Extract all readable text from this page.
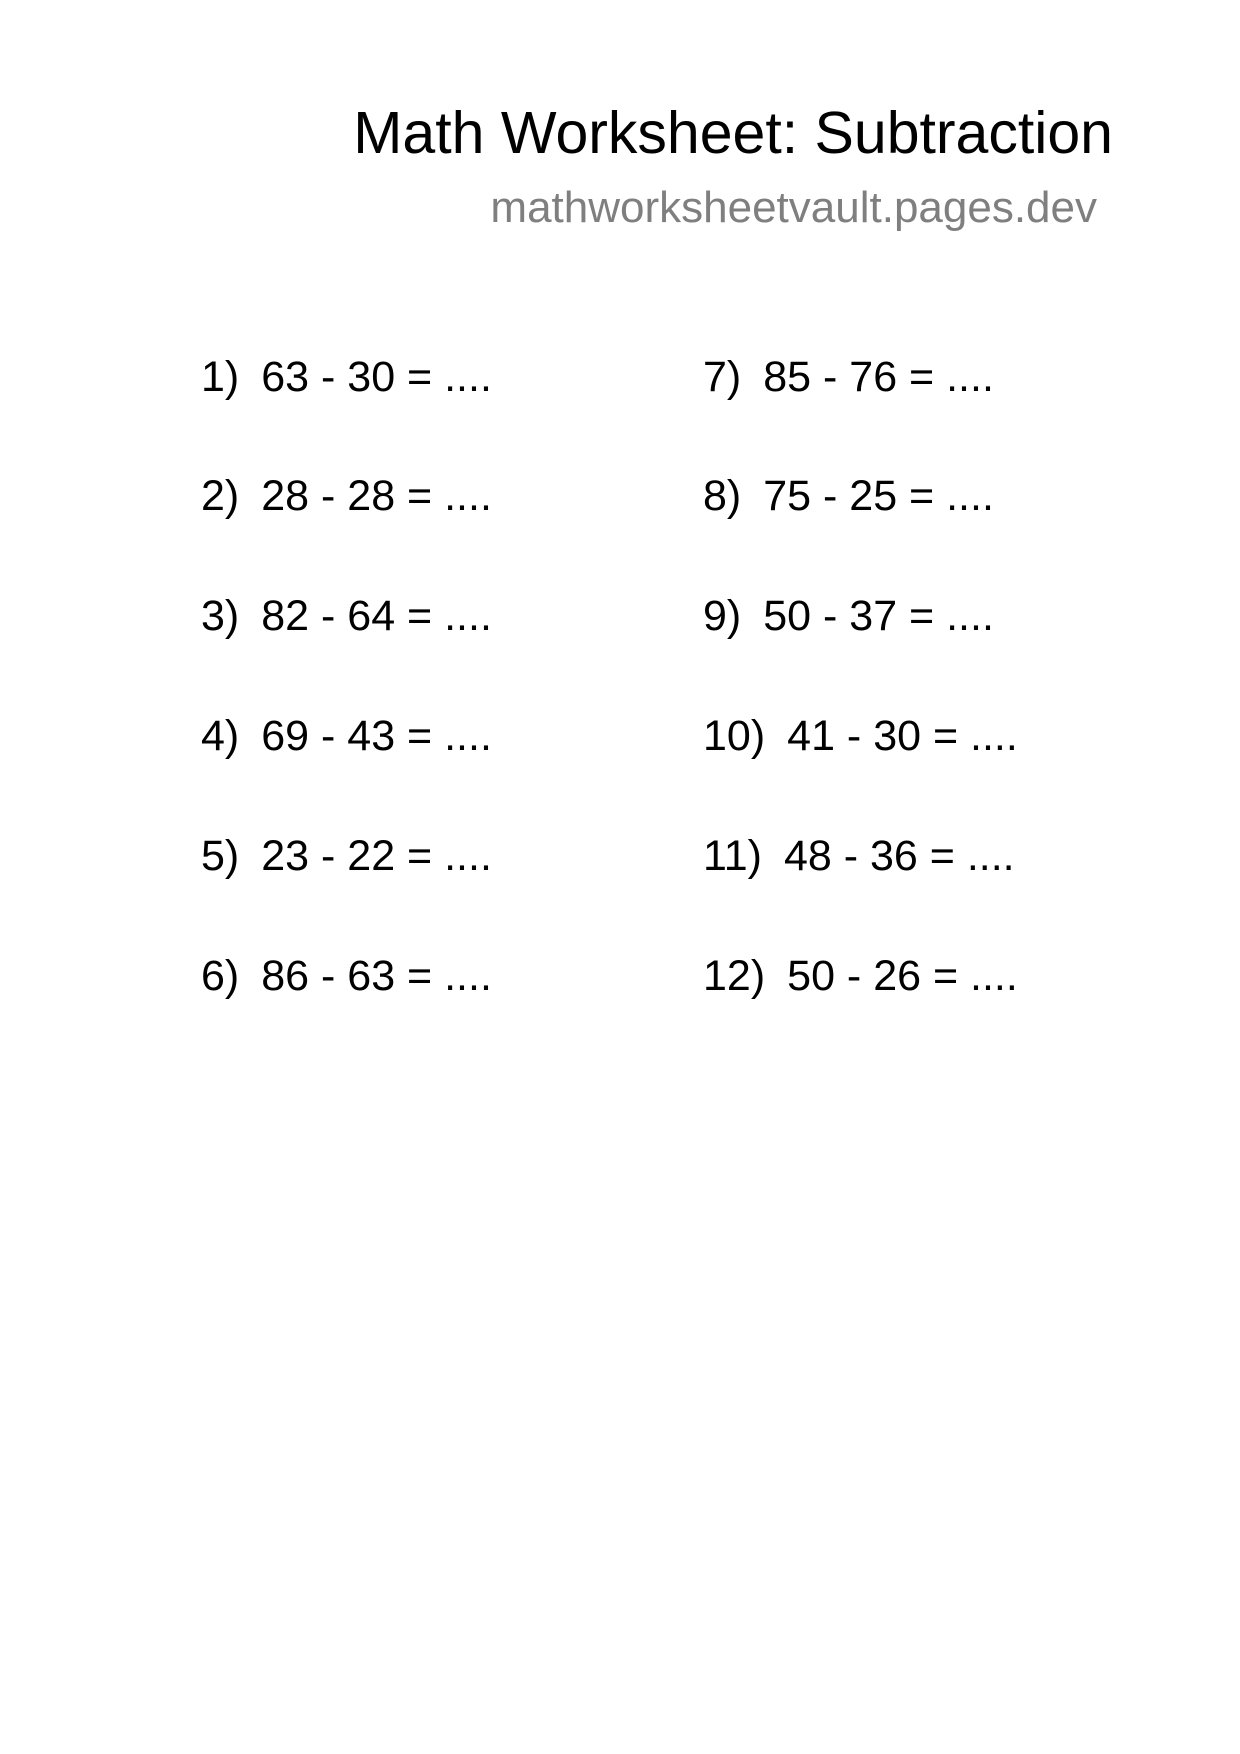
Math Worksheet: Subtraction
mathworksheetvault.pages.dev
1) 63 - 30 = ....
2) 28 - 28 = ....
3) 82 - 64 = ....
4) 69 - 43 = ....
5) 23 - 22 = ....
6) 86 - 63 = ....
7) 85 - 76 = ....
8) 75 - 25 = ....
9) 50 - 37 = ....
10) 41 - 30 = ....
11) 48 - 36 = ....
12) 50 - 26 = ....
